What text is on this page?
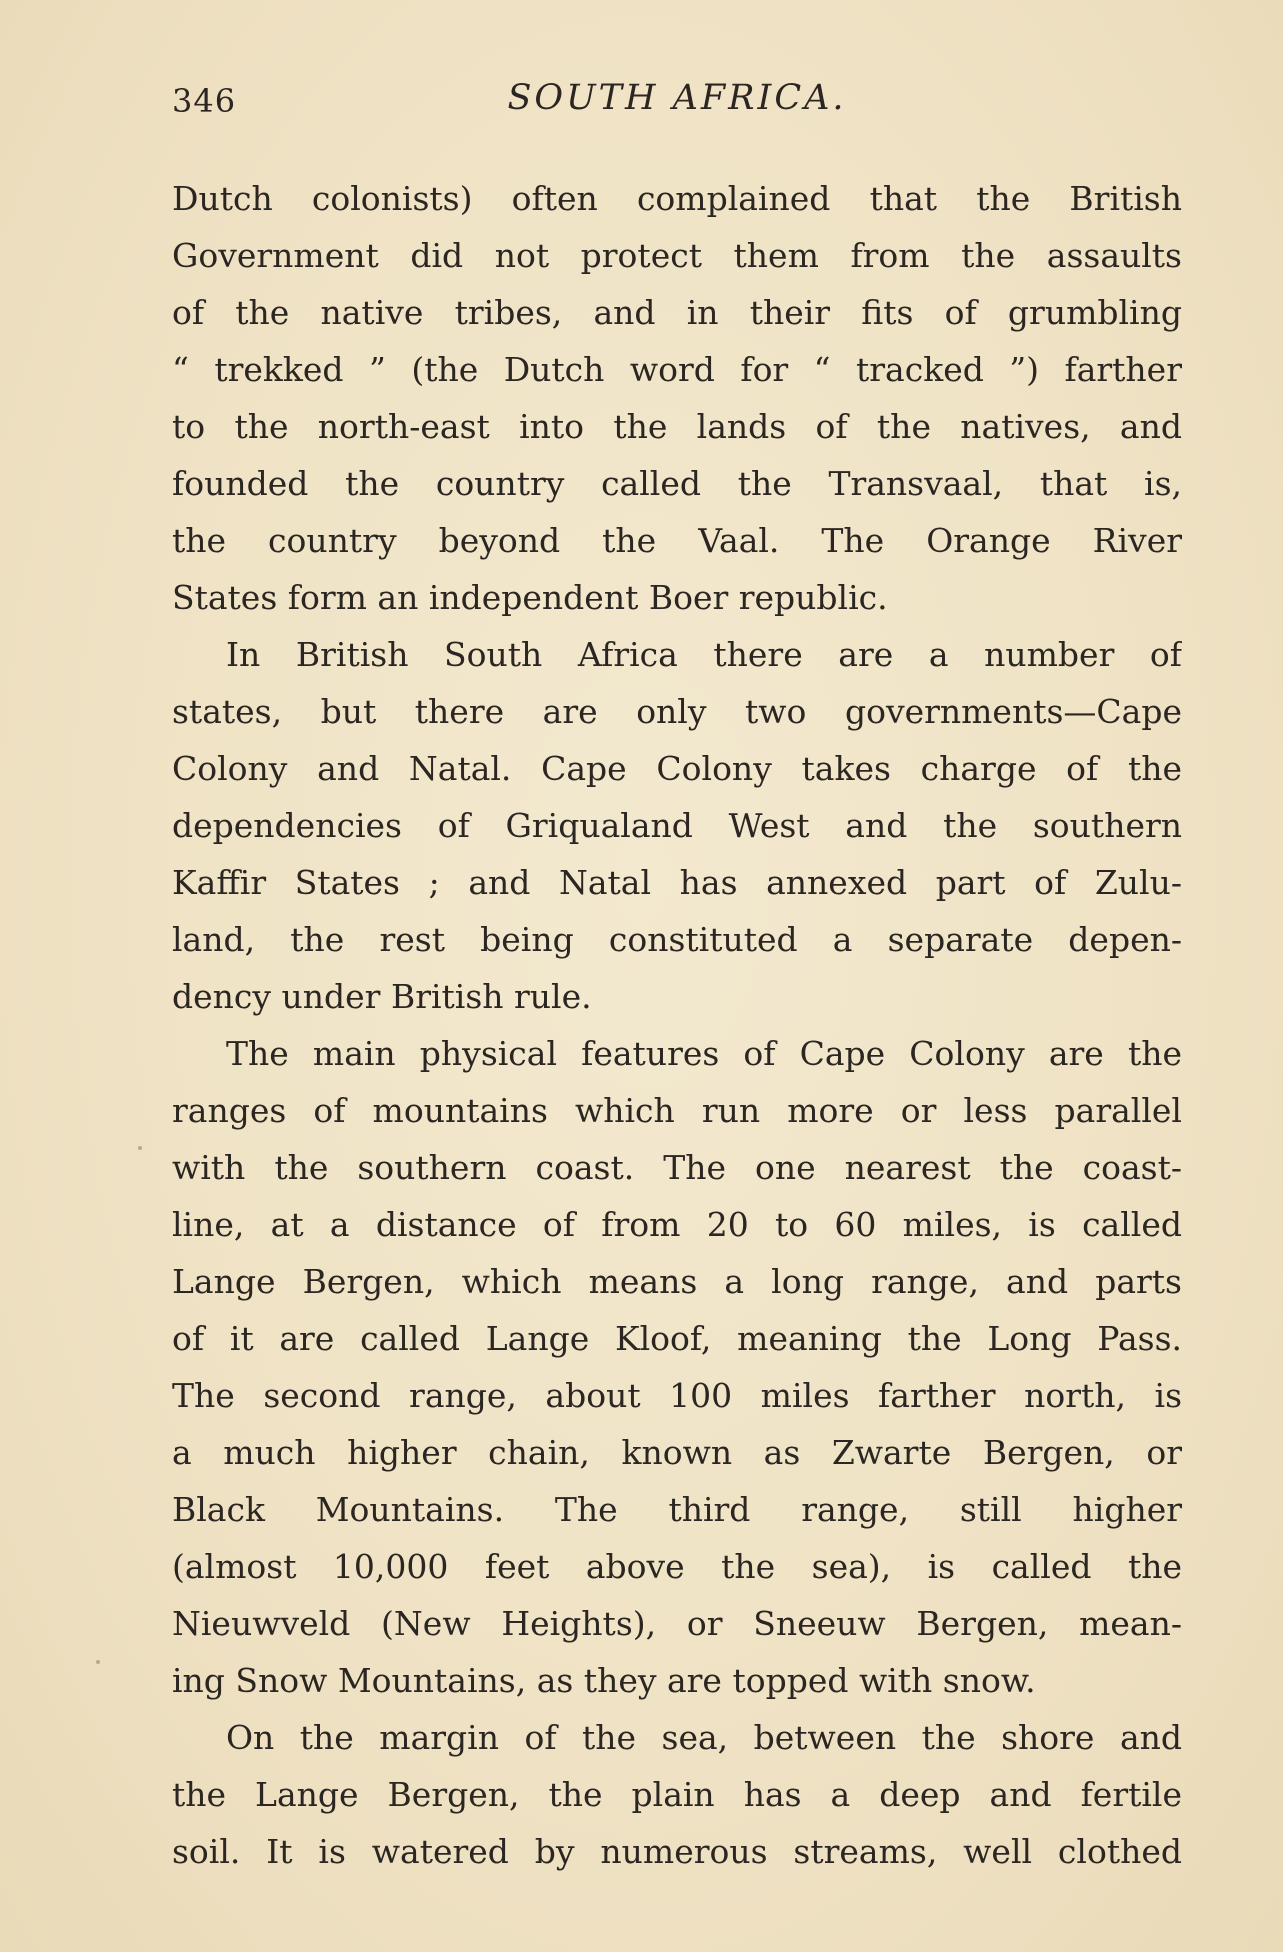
346	SOUTH AFRICA.
Dutch colonists) often complained that the British
Government did not protect them from the assaults
of the native tribes, and in their fits of grumbling
“ trekked ” (the Dutch word for “ tracked ”) farther
to the north-east into the lands of the natives, and
founded the country called the Transvaal, that is,
the country beyond the Vaal. The Orange River
States form an independent Boer republic.
In British South Africa there are a number of
states, but there are only two governments—Cape
Colony and Natal. Cape Colony takes charge of the
dependencies of Griqualand West and the southern
Kaffir States ; and Natal has annexed part of Zulu-
land, the rest being constituted a separate depen-
dency under British rule.
The main physical features of Cape Colony are the
ranges of mountains which run more or less parallel
with the southern coast. The one nearest the coast-
line, at a distance of from 20 to 60 miles, is called
Lange Bergen, which means a long range, and parts
of it are called Lange Kloof, meaning the Long Pass.
The second range, about 100 miles farther north, is
a much higher chain, known as Zwarte Bergen, or
Black Mountains. The third range, still higher
(almost 10,000 feet above the sea), is called the
Nieuwveld (New Heights), or Sneeuw Bergen, mean-
ing Snow Mountains, as they are topped with snow.
On the margin of the sea, between the shore and
the Lange Bergen, the plain has a deep and fertile
soil. It is watered by numerous streams, well clothed
